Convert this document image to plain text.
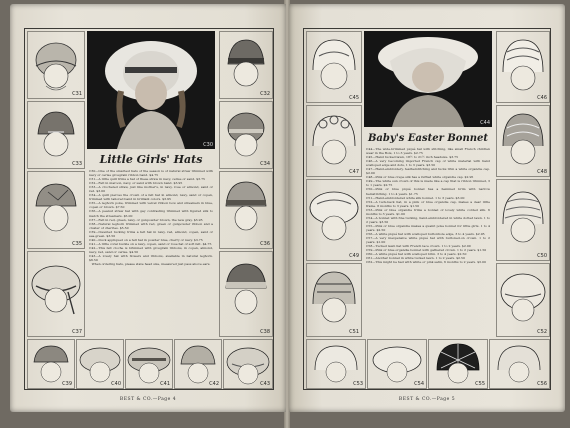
C31
C30
C32
C33	C34
Little Girls' Hats

C30—One of the smartest hats of the season is of natural straw trimmed with navy or cerise grosgrain ribbon band. $4.75

C31—A little quill trims a hat of these straw in navy, cerise or sand. $3.75

C32—Felt in maroon, navy, or sand with brown band. $3.95

C33—A crocheted straw, just like mother's, in navy, rose or almond, sand or red. $3.00

C34—A quill pierces the crown of a felt hat in almond, navy, sand or copen, trimmed with tailored band in brilliant colors. $3.95

C35—A leghorn poke, trimmed with velvet ribbon bow and streamers in blue, copen or brown. $7.50

C36—A peanut straw hat with gay contrasting trimmed with figured silk to match the streamers. $5.00

C37—Felt in red, green, navy, or gunpowder brown, the new gray. $3.95

C38—Natural leghorn trimmed with red, green or gunpowder ribbon and a cluster of cherries. $5.50

C39—Invented tucking trims a felt hat in navy, red, almond, copen, sand or sea-green. $3.50

C40—Duck appliqued on a felt hat in powder blue, cherry or navy. $3.75

C41—A little coral buckle on a navy, copen, sand or rose hat of soft felt. $4.75

C42—This felt cloche is brimmed with grosgrain ribbons, in copen, almond, navy, red, sand or cerise. $4.50

C43—A lovely hat with flowers and ribbons, available in natural leghorn. $6.50

When ordering hats, please state head size, measured just pass above ears.

C35
C37
C36
C38
C39	C40	C41	C42	C43
BEST & CO.—Page 4
C45
C44
C46
Baby's Easter Bonnet

C44—The wide-brimmed piqué hat with stitching, like small French children wear in the Bois, 1 to 3 years. $2.75

C45—Hand tucked lawn, 18½ to 21½ inch headsize. $3.75

C46—A very becoming imported French cap of white material with hand scalloped edge and dots, 1 to 3 years. $3.50

C47—Hand-embroidery, featherstitching and tucks trim a white organdie cap. $2.00

C48—Pink or blue crepe silk has a ruffled white organdie cap. $2.95

C49—The white sun crown of this is made like a cap that is ribbon trimmed, 3 to 1 years. $2.75

C50—Pink or blue piqué bonnet has a hemmed brim with narrow hemstitching. 1 to 4 years. $1.75

C51—Hand-embroidered white silk bonnet. 1 to 3 years. $3.00

C52—A tuck-back hat, in a pink or blue organdie cap, makes a dear little frame. 6 months to 3 years. $1.50

C53—Pink or blue organdie trims a bonnet of lovely white corded silk. 6 months to 3 years. $1.00

C54—A bonnet with fine tucking, hand-embroidered in white dotted lawn. 1 to 2 years. $3.50

C55—Pink or blue organdie makes a quaint poke bonnet for little girls. 1 to 4 years. $2.50

C56—A white piqué hat with scalloped buttonhole edge, 3 to 4 years. $2.95

C57—A very inexpensive white piqué hat with buttoned-on crown. 1 to 2 years. $1.00

C58—Tucked lawn hat with French lace crown. 1 to 2 years. $2.00

C59—Pink or blue organdie bonnet with gathered crown. 1 to 2 years. $1.50

C60—A white piqué hat with scalloped brim. 3 to 4 years. $2.50

C61—Another bonnet in white tucked lawn. 1 to 2 years. $2.50

C62—This might be had with white or pink satin, 6 months to 2 years. $3.00

C47	C48
C49	C50
C51	C52
C53	C54	C55	C56
BEST & CO.—Page 5
